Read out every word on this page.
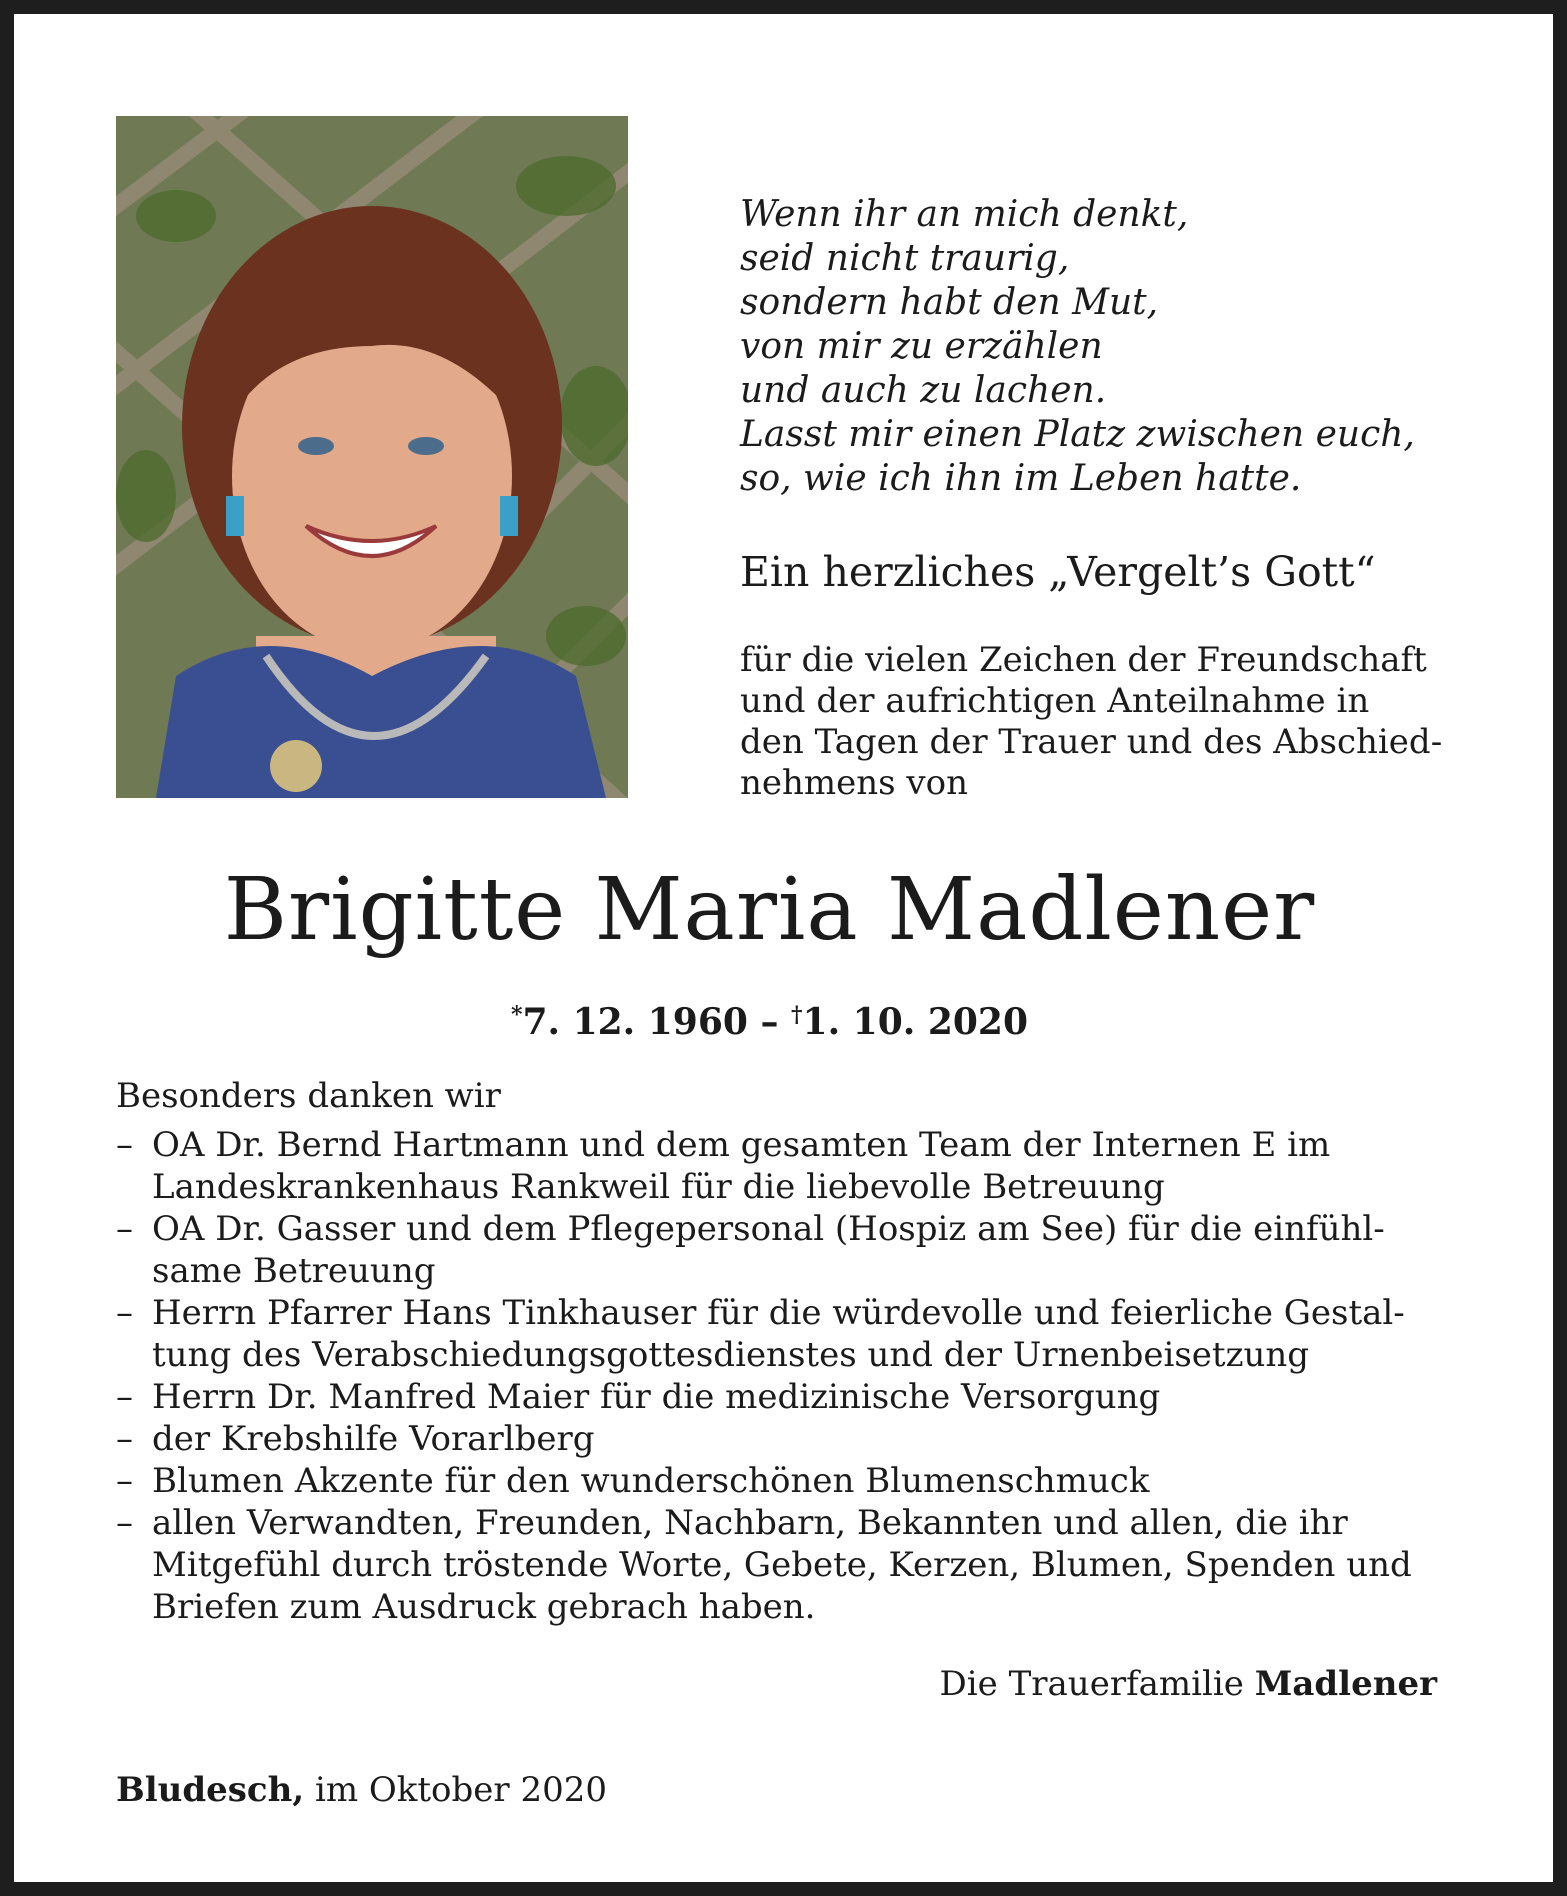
Wenn ihr an mich denkt,
seid nicht traurig,
sondern habt den Mut,
von mir zu erzählen
und auch zu lachen.
Lasst mir einen Platz zwischen euch,
so, wie ich ihn im Leben hatte.
Ein herzliches „Vergelt’s Gott“
für die vielen Zeichen der Freundschaft
und der aufrichtigen Anteilnahme in
den Tagen der Trauer und des Abschied-
nehmens von
Brigitte Maria Madlener
*7. 12. 1960 – †1. 10. 2020
Besonders danken wir
– OA Dr. Bernd Hartmann und dem gesamten Team der Internen E im
Landeskrankenhaus Rankweil für die liebevolle Betreuung
– OA Dr. Gasser und dem Pflegepersonal (Hospiz am See) für die einfühl-
same Betreuung
– Herrn Pfarrer Hans Tinkhauser für die würdevolle und feierliche Gestal-
tung des Verabschiedungsgottesdienstes und der Urnenbeisetzung
– Herrn Dr. Manfred Maier für die medizinische Versorgung
– der Krebshilfe Vorarlberg
– Blumen Akzente für den wunderschönen Blumenschmuck
– allen Verwandten, Freunden, Nachbarn, Bekannten und allen, die ihr
Mitgefühl durch tröstende Worte, Gebete, Kerzen, Blumen, Spenden und
Briefen zum Ausdruck gebrach haben.
Die Trauerfamilie Madlener
Bludesch, im Oktober 2020
